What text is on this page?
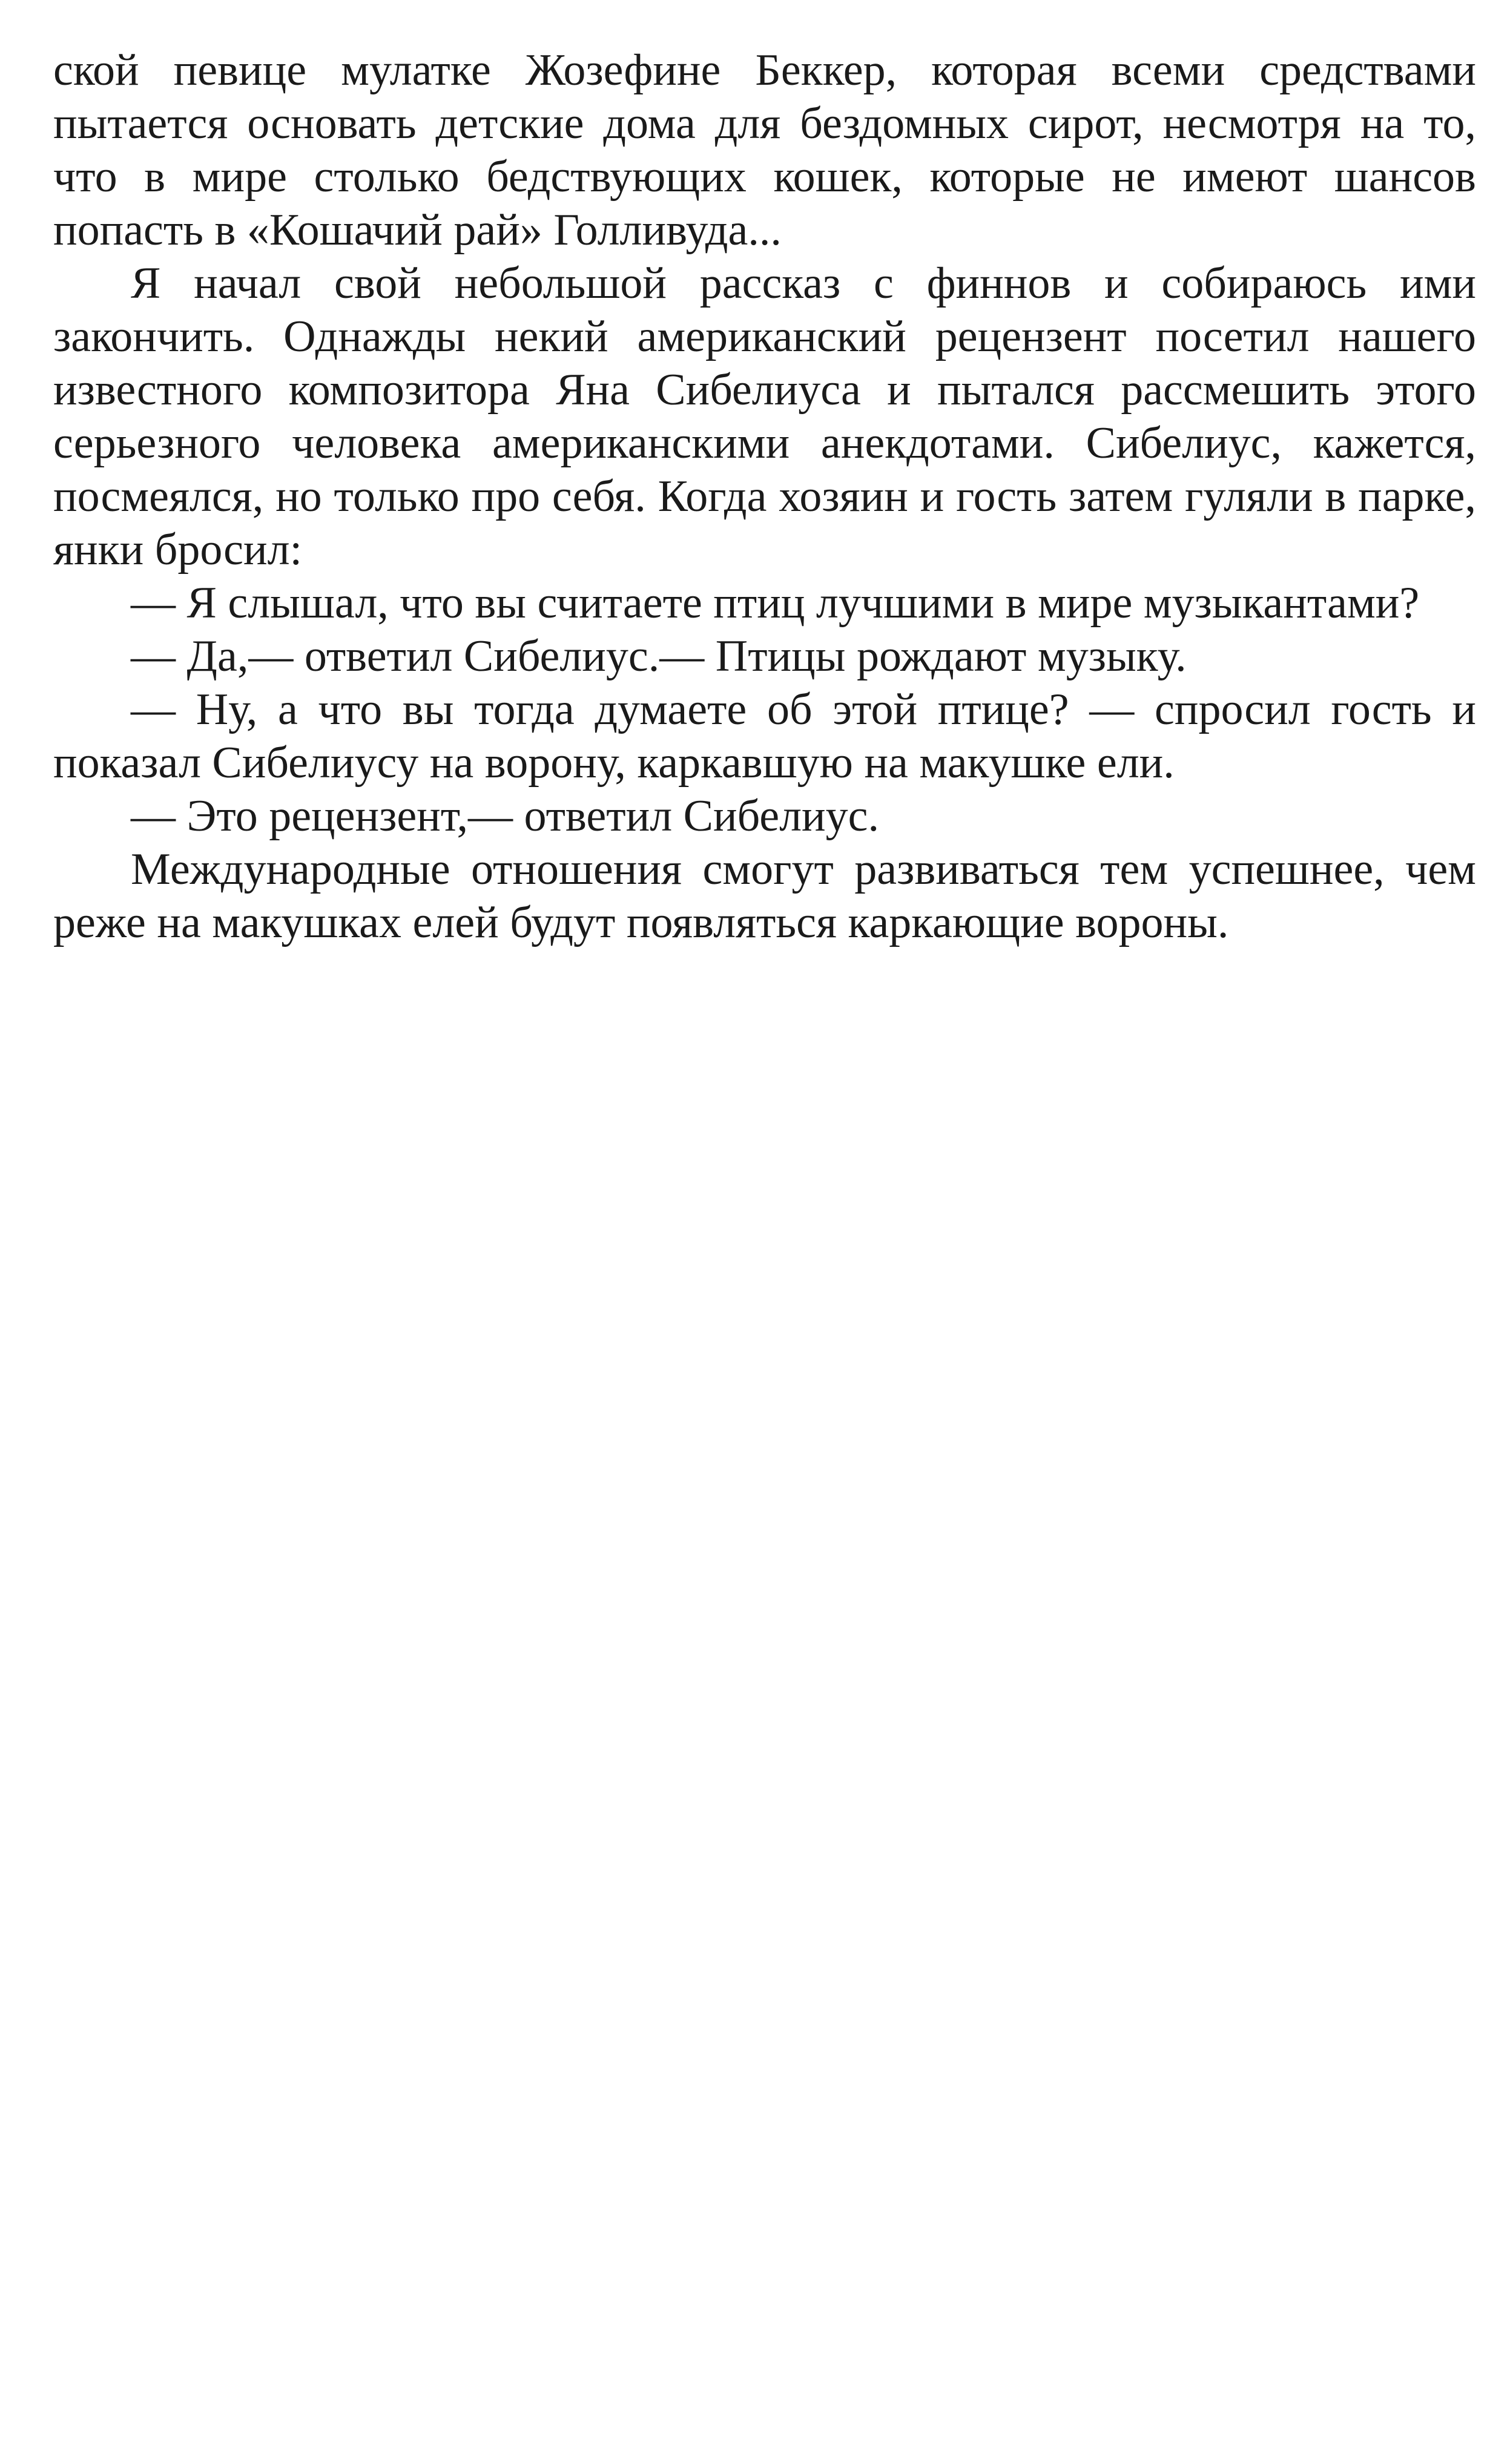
ской певице мулатке Жозефине Беккер, которая всеми средствами пытается основать детские дома для бездомных сирот, несмотря на то, что в мире столько бедствующих кошек, которые не имеют шансов попасть в «Кошачий рай» Голливуда...

Я начал свой небольшой рассказ с финнов и собираюсь ими закончить. Однажды некий американский рецензент посетил нашего известного композитора Яна Сибелиуса и пытался рассмешить этого серьезного человека американскими анекдотами. Сибелиус, кажется, посмеялся, но только про себя. Когда хозяин и гость затем гуляли в парке, янки бросил:

— Я слышал, что вы считаете птиц лучшими в мире музыкантами?

— Да,— ответил Сибелиус.— Птицы рождают музыку.

— Ну, а что вы тогда думаете об этой птице? — спросил гость и показал Сибелиусу на ворону, каркавшую на макушке ели.

— Это рецензент,— ответил Сибелиус.

Международные отношения смогут развиваться тем успешнее, чем реже на макушках елей будут появляться каркающие вороны.
